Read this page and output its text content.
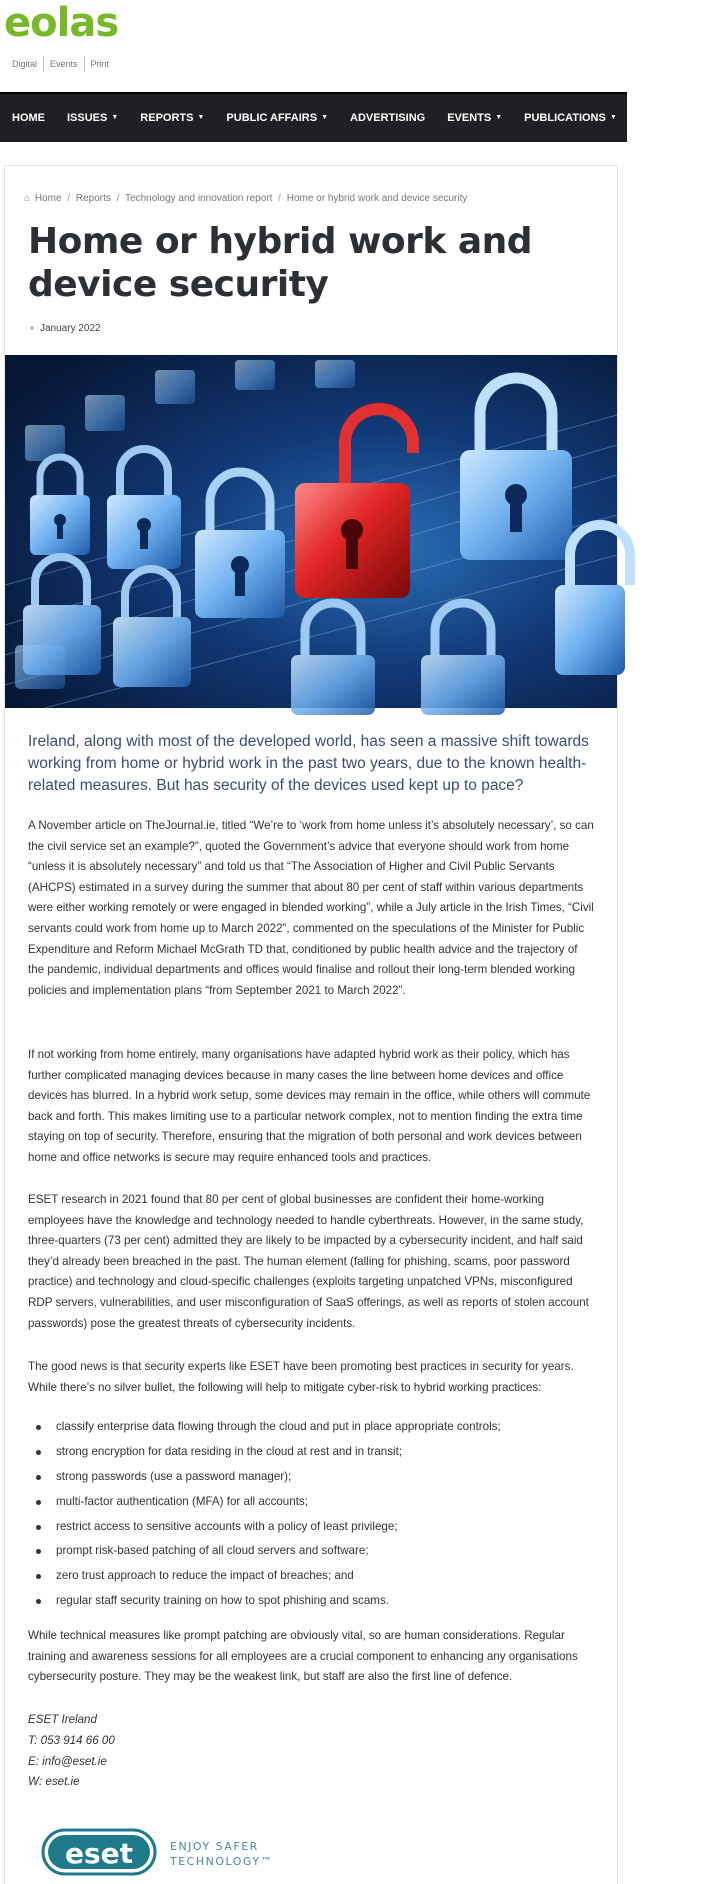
eolas
Digital	Events	Print
HOME ISSUES ▼ REPORTS ▼ PUBLIC AFFAIRS ▼ ADVERTISING EVENTS ▼ PUBLICATIONS ▼ SUBSCRIBE
⌂ Home / Reports / Technology and innovation report / Home or hybrid work and device security
Home or hybrid work and device security
January 2022

Ireland, along with most of the developed world, has seen a massive shift towards working from home or hybrid work in the past two years, due to the known health-related measures. But has security of the devices used kept up to pace?

A November article on TheJournal.ie, titled “We’re to ‘work from home unless it’s absolutely necessary’, so can the civil service set an example?”, quoted the Government’s advice that everyone should work from home “unless it is absolutely necessary” and told us that “The Association of Higher and Civil Public Servants (AHCPS) estimated in a survey during the summer that about 80 per cent of staff within various departments were either working remotely or were engaged in blended working”, while a July article in the Irish Times, “Civil servants could work from home up to March 2022”, commented on the speculations of the Minister for Public Expenditure and Reform Michael McGrath TD that, conditioned by public health advice and the trajectory of the pandemic, individual departments and offices would finalise and rollout their long-term blended working policies and implementation plans “from September 2021 to March 2022”.

If not working from home entirely, many organisations have adapted hybrid work as their policy, which has further complicated managing devices because in many cases the line between home devices and office devices has blurred. In a hybrid work setup, some devices may remain in the office, while others will commute back and forth. This makes limiting use to a particular network complex, not to mention finding the extra time staying on top of security. Therefore, ensuring that the migration of both personal and work devices between home and office networks is secure may require enhanced tools and practices.

ESET research in 2021 found that 80 per cent of global businesses are confident their home-working employees have the knowledge and technology needed to handle cyberthreats. However, in the same study, three-quarters (73 per cent) admitted they are likely to be impacted by a cybersecurity incident, and half said they’d already been breached in the past. The human element (falling for phishing, scams, poor password practice) and technology and cloud-specific challenges (exploits targeting unpatched VPNs, misconfigured RDP servers, vulnerabilities, and user misconfiguration of SaaS offerings, as well as reports of stolen account passwords) pose the greatest threats of cybersecurity incidents.

The good news is that security experts like ESET have been promoting best practices in security for years. While there’s no silver bullet, the following will help to mitigate cyber-risk to hybrid working practices:

classify enterprise data flowing through the cloud and put in place appropriate controls;
strong encryption for data residing in the cloud at rest and in transit;
strong passwords (use a password manager);
multi-factor authentication (MFA) for all accounts;
restrict access to sensitive accounts with a policy of least privilege;
prompt risk-based patching of all cloud servers and software;
zero trust approach to reduce the impact of breaches; and
regular staff security training on how to spot phishing and scams.

While technical measures like prompt patching are obviously vital, so are human considerations. Regular training and awareness sessions for all employees are a crucial component to enhancing any organisations cybersecurity posture. They may be the weakest link, but staff are also the first line of defence.

ESET Ireland
T: 053 914 66 00
E: info@eset.ie
W: eset.ie
eset	ENJOY SAFER
TECHNOLOGY™
